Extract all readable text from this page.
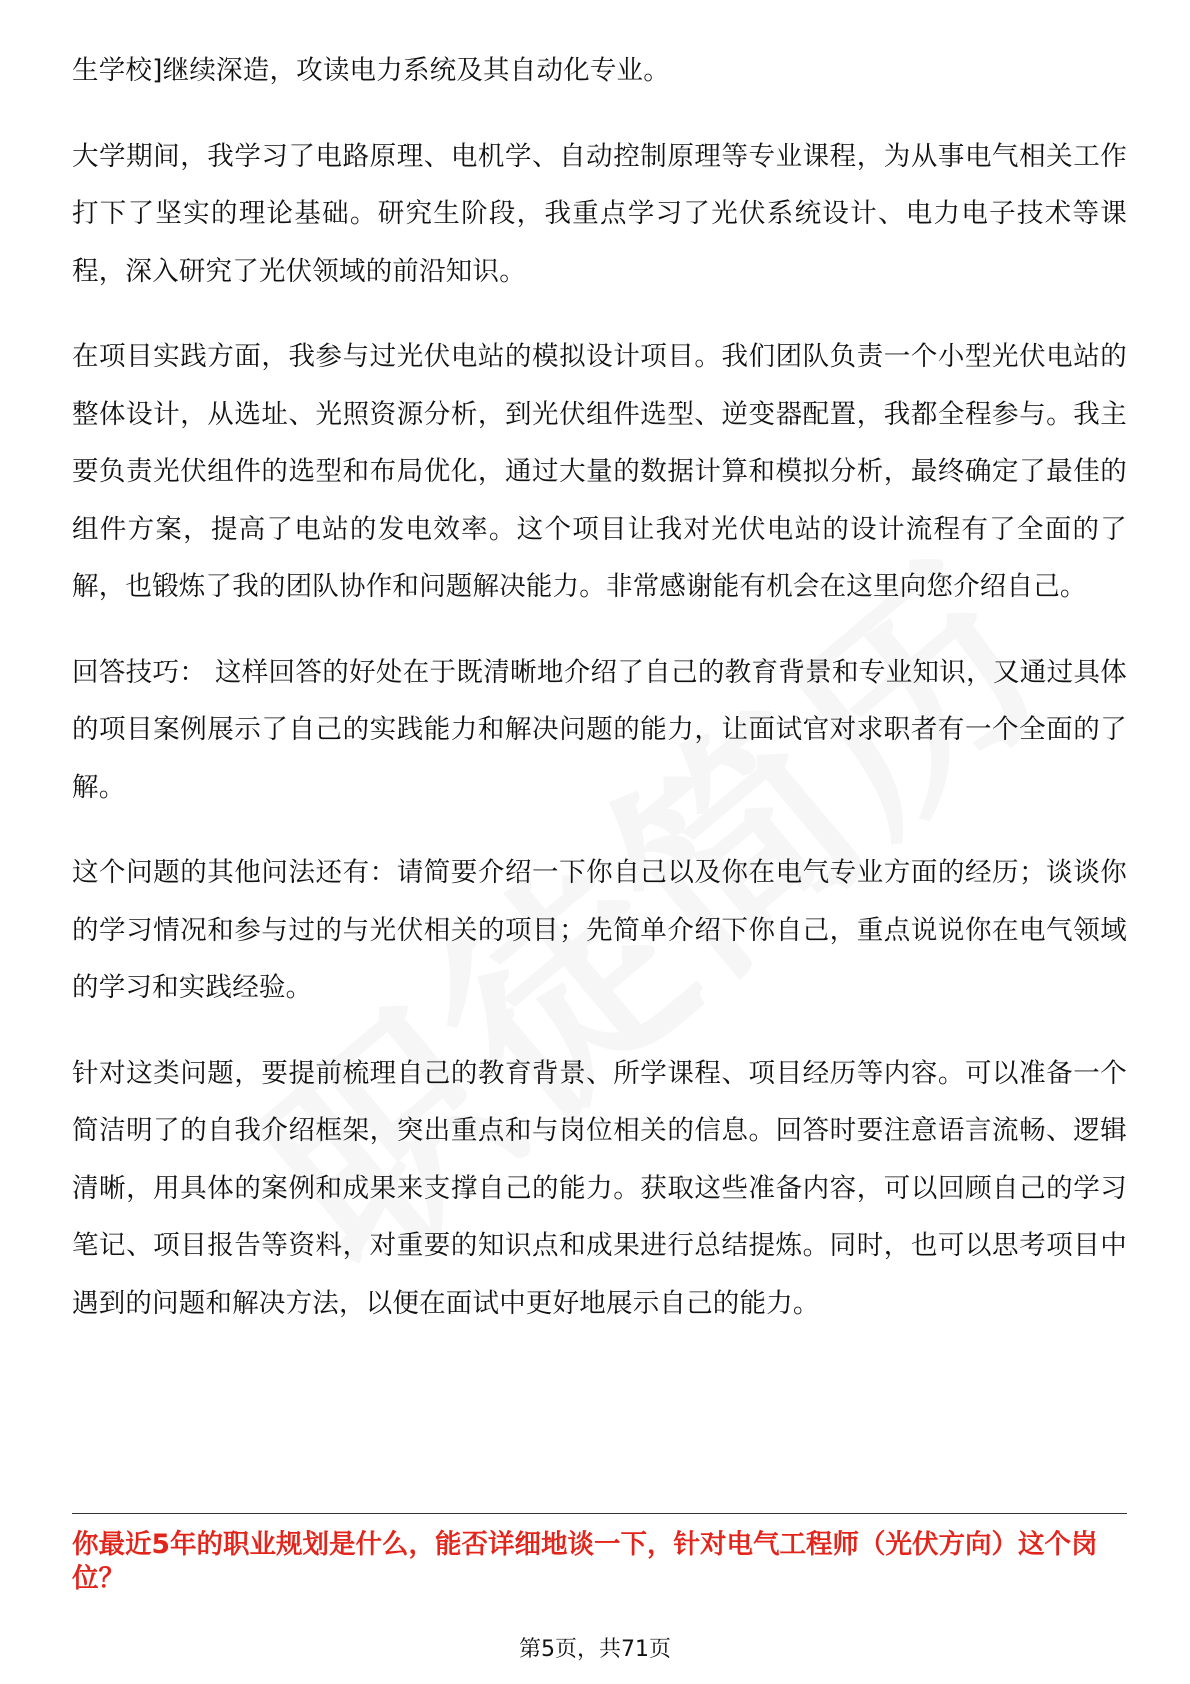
生学校]继续深造，攻读电力系统及其自动化专业。

大学期间，我学习了电路原理、电机学、自动控制原理等专业课程，为从事电气相关工作打下了坚实的理论基础。研究生阶段，我重点学习了光伏系统设计、电力电子技术等课程，深入研究了光伏领域的前沿知识。

在项目实践方面，我参与过光伏电站的模拟设计项目。我们团队负责一个小型光伏电站的整体设计，从选址、光照资源分析，到光伏组件选型、逆变器配置，我都全程参与。我主要负责光伏组件的选型和布局优化，通过大量的数据计算和模拟分析，最终确定了最佳的组件方案，提高了电站的发电效率。这个项目让我对光伏电站的设计流程有了全面的了解，也锻炼了我的团队协作和问题解决能力。非常感谢能有机会在这里向您介绍自己。

回答技巧： 这样回答的好处在于既清晰地介绍了自己的教育背景和专业知识，又通过具体的项目案例展示了自己的实践能力和解决问题的能力，让面试官对求职者有一个全面的了解。

这个问题的其他问法还有：请简要介绍一下你自己以及你在电气专业方面的经历；谈谈你的学习情况和参与过的与光伏相关的项目；先简单介绍下你自己，重点说说你在电气领域的学习和实践经验。

针对这类问题，要提前梳理自己的教育背景、所学课程、项目经历等内容。可以准备一个简洁明了的自我介绍框架，突出重点和与岗位相关的信息。回答时要注意语言流畅、逻辑清晰，用具体的案例和成果来支撑自己的能力。获取这些准备内容，可以回顾自己的学习笔记、项目报告等资料，对重要的知识点和成果进行总结提炼。同时，也可以思考项目中遇到的问题和解决方法，以便在面试中更好地展示自己的能力。

你最近5年的职业规划是什么，能否详细地谈一下，针对电气工程师（光伏方向）这个岗位？

第5页，共71页
